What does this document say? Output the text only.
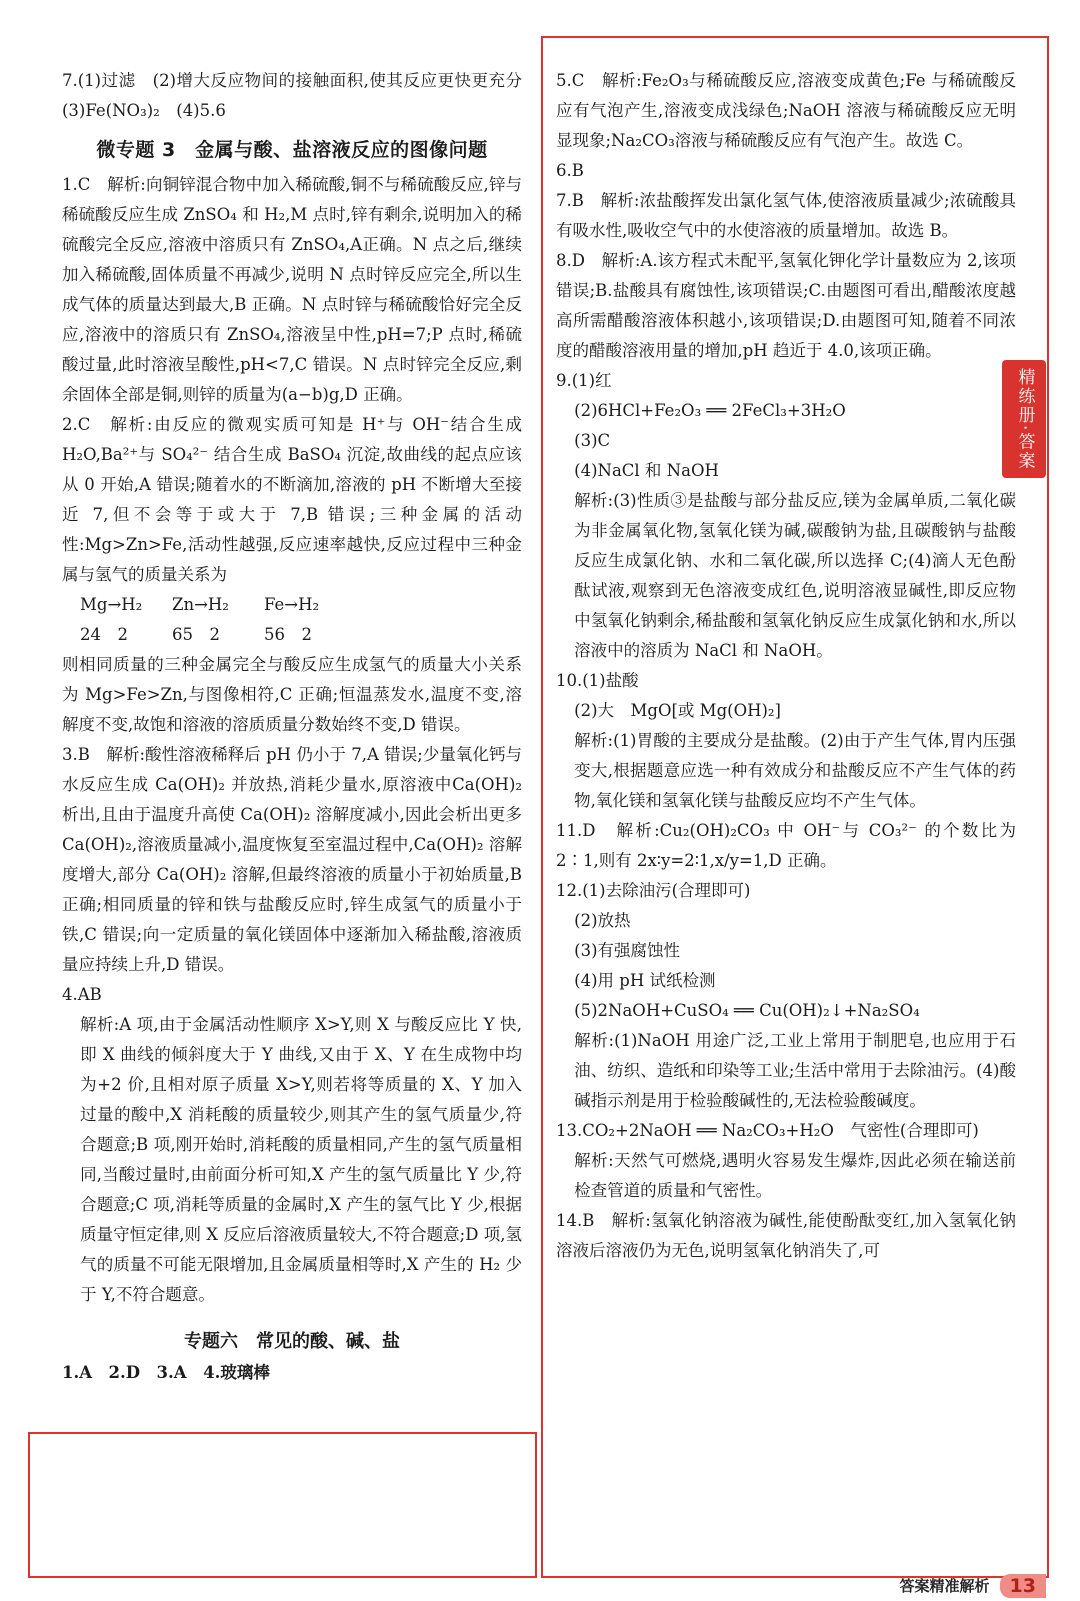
7.(1)过滤　(2)增大反应物间的接触面积,使其反应更快更充分　(3)Fe(NO₃)₂　(4)5.6

微专题 3　金属与酸、盐溶液反应的图像问题

1.C　解析:向铜锌混合物中加入稀硫酸,铜不与稀硫酸反应,锌与稀硫酸反应生成 ZnSO₄ 和 H₂,M 点时,锌有剩余,说明加入的稀硫酸完全反应,溶液中溶质只有 ZnSO₄,A正确。N 点之后,继续加入稀硫酸,固体质量不再减少,说明 N 点时锌反应完全,所以生成气体的质量达到最大,B 正确。N 点时锌与稀硫酸恰好完全反应,溶液中的溶质只有 ZnSO₄,溶液呈中性,pH=7;P 点时,稀硫酸过量,此时溶液呈酸性,pH<7,C 错误。N 点时锌完全反应,剩余固体全部是铜,则锌的质量为(a−b)g,D 正确。

2.C　解析:由反应的微观实质可知是 H⁺与 OH⁻结合生成 H₂O,Ba²⁺与 SO₄²⁻ 结合生成 BaSO₄ 沉淀,故曲线的起点应该从 0 开始,A 错误;随着水的不断滴加,溶液的 pH 不断增大至接近 7,但不会等于或大于 7,B 错误;三种金属的活动性:Mg>Zn>Fe,活动性越强,反应速率越快,反应过程中三种金属与氢气的质量关系为

Mg→H₂	Zn→H₂	Fe→H₂
24　2	65　2	56　2

则相同质量的三种金属完全与酸反应生成氢气的质量大小关系为 Mg>Fe>Zn,与图像相符,C 正确;恒温蒸发水,温度不变,溶解度不变,故饱和溶液的溶质质量分数始终不变,D 错误。

3.B　解析:酸性溶液稀释后 pH 仍小于 7,A 错误;少量氧化钙与水反应生成 Ca(OH)₂ 并放热,消耗少量水,原溶液中Ca(OH)₂ 析出,且由于温度升高使 Ca(OH)₂ 溶解度减小,因此会析出更多 Ca(OH)₂,溶液质量减小,温度恢复至室温过程中,Ca(OH)₂ 溶解度增大,部分 Ca(OH)₂ 溶解,但最终溶液的质量小于初始质量,B 正确;相同质量的锌和铁与盐酸反应时,锌生成氢气的质量小于铁,C 错误;向一定质量的氧化镁固体中逐渐加入稀盐酸,溶液质量应持续上升,D 错误。

4.AB

解析:A 项,由于金属活动性顺序 X>Y,则 X 与酸反应比 Y 快,即 X 曲线的倾斜度大于 Y 曲线,又由于 X、Y 在生成物中均为+2 价,且相对原子质量 X>Y,则若将等质量的 X、Y 加入过量的酸中,X 消耗酸的质量较少,则其产生的氢气质量少,符合题意;B 项,刚开始时,消耗酸的质量相同,产生的氢气质量相同,当酸过量时,由前面分析可知,X 产生的氢气质量比 Y 少,符合题意;C 项,消耗等质量的金属时,X 产生的氢气比 Y 少,根据质量守恒定律,则 X 反应后溶液质量较大,不符合题意;D 项,氢气的质量不可能无限增加,且金属质量相等时,X 产生的 H₂ 少于 Y,不符合题意。

专题六　常见的酸、碱、盐

1.A　2.D　3.A　4.玻璃棒

5.C　解析:Fe₂O₃与稀硫酸反应,溶液变成黄色;Fe 与稀硫酸反应有气泡产生,溶液变成浅绿色;NaOH 溶液与稀硫酸反应无明显现象;Na₂CO₃溶液与稀硫酸反应有气泡产生。故选 C。

6.B

7.B　解析:浓盐酸挥发出氯化氢气体,使溶液质量减少;浓硫酸具有吸水性,吸收空气中的水使溶液的质量增加。故选 B。

8.D　解析:A.该方程式未配平,氢氧化钾化学计量数应为 2,该项错误;B.盐酸具有腐蚀性,该项错误;C.由题图可看出,醋酸浓度越高所需醋酸溶液体积越小,该项错误;D.由题图可知,随着不同浓度的醋酸溶液用量的增加,pH 趋近于 4.0,该项正确。

9.(1)红

(2)6HCl+Fe₂O₃ ══ 2FeCl₃+3H₂O

(3)C

(4)NaCl 和 NaOH

解析:(3)性质③是盐酸与部分盐反应,镁为金属单质,二氧化碳为非金属氧化物,氢氧化镁为碱,碳酸钠为盐,且碳酸钠与盐酸反应生成氯化钠、水和二氧化碳,所以选择 C;(4)滴人无色酚酞试液,观察到无色溶液变成红色,说明溶液显碱性,即反应物中氢氧化钠剩余,稀盐酸和氢氧化钠反应生成氯化钠和水,所以溶液中的溶质为 NaCl 和 NaOH。

10.(1)盐酸

(2)大　MgO[或 Mg(OH)₂]

解析:(1)胃酸的主要成分是盐酸。(2)由于产生气体,胃内压强变大,根据题意应选一种有效成分和盐酸反应不产生气体的药物,氧化镁和氢氧化镁与盐酸反应均不产生气体。

11.D　解析:Cu₂(OH)₂CO₃ 中 OH⁻与 CO₃²⁻ 的个数比为 2∶1,则有 2x∶y=2∶1,x/y=1,D 正确。

12.(1)去除油污(合理即可)

(2)放热

(3)有强腐蚀性

(4)用 pH 试纸检测

(5)2NaOH+CuSO₄ ══ Cu(OH)₂↓+Na₂SO₄

解析:(1)NaOH 用途广泛,工业上常用于制肥皂,也应用于石油、纺织、造纸和印染等工业;生活中常用于去除油污。(4)酸碱指示剂是用于检验酸碱性的,无法检验酸碱度。

13.CO₂+2NaOH ══ Na₂CO₃+H₂O　气密性(合理即可)

解析:天然气可燃烧,遇明火容易发生爆炸,因此必须在输送前检查管道的质量和气密性。

14.B　解析:氢氧化钠溶液为碱性,能使酚酞变红,加入氢氧化钠溶液后溶液仍为无色,说明氢氧化钠消失了,可

精练册·答案
答案精准解析	13
